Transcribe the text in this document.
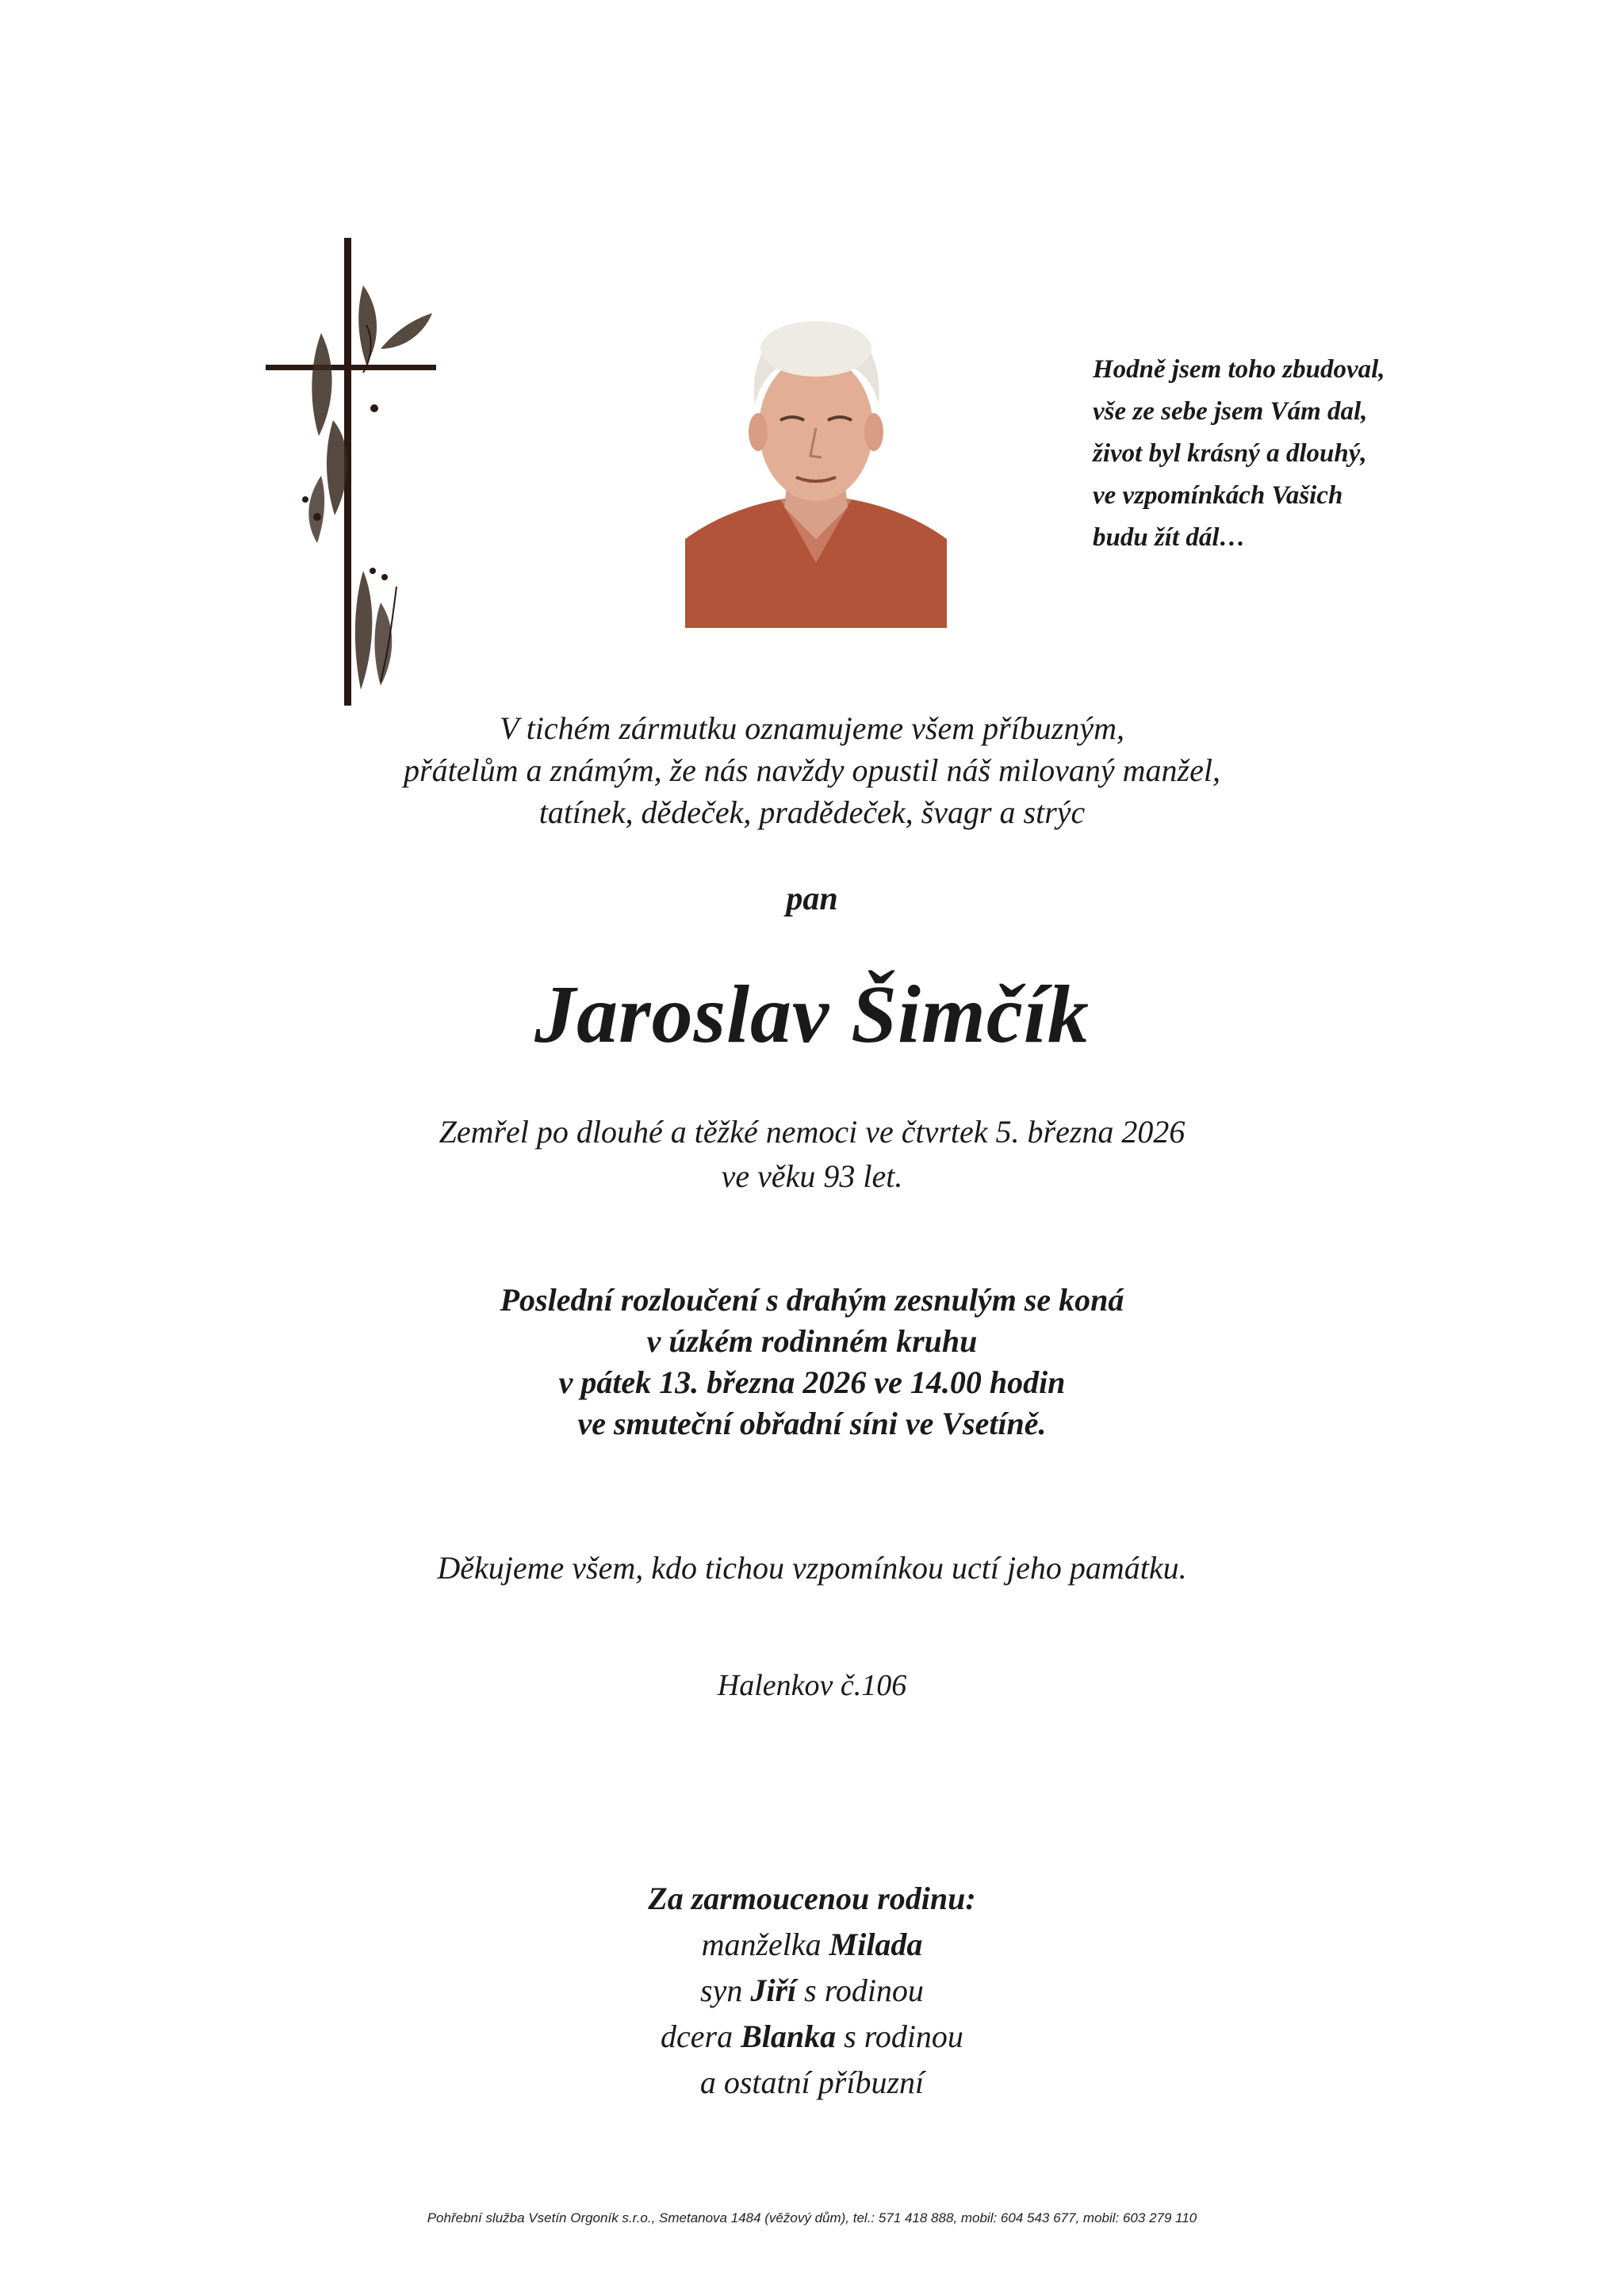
Hodně jsem toho zbudoval,
vše ze sebe jsem Vám dal,
život byl krásný a dlouhý,
ve vzpomínkách Vašich
budu žít dál…
V tichém zármutku oznamujeme všem příbuzným,
přátelům a známým, že nás navždy opustil náš milovaný manžel,
tatínek, dědeček, pradědeček, švagr a strýc
pan
Jaroslav Šimčík
Zemřel po dlouhé a těžké nemoci ve čtvrtek 5. března 2026
ve věku 93 let.
Poslední rozloučení s drahým zesnulým se koná
v úzkém rodinném kruhu
v pátek 13. března 2026 ve 14.00 hodin
ve smuteční obřadní síni ve Vsetíně.
Děkujeme všem, kdo tichou vzpomínkou uctí jeho památku.
Halenkov č.106
Za zarmoucenou rodinu:
manželka Milada
syn Jiří s rodinou
dcera Blanka s rodinou
a ostatní příbuzní
Pohřební služba Vsetín Orgoník s.r.o., Smetanova 1484 (věžový dům), tel.: 571 418 888, mobil: 604 543 677, mobil: 603 279 110
